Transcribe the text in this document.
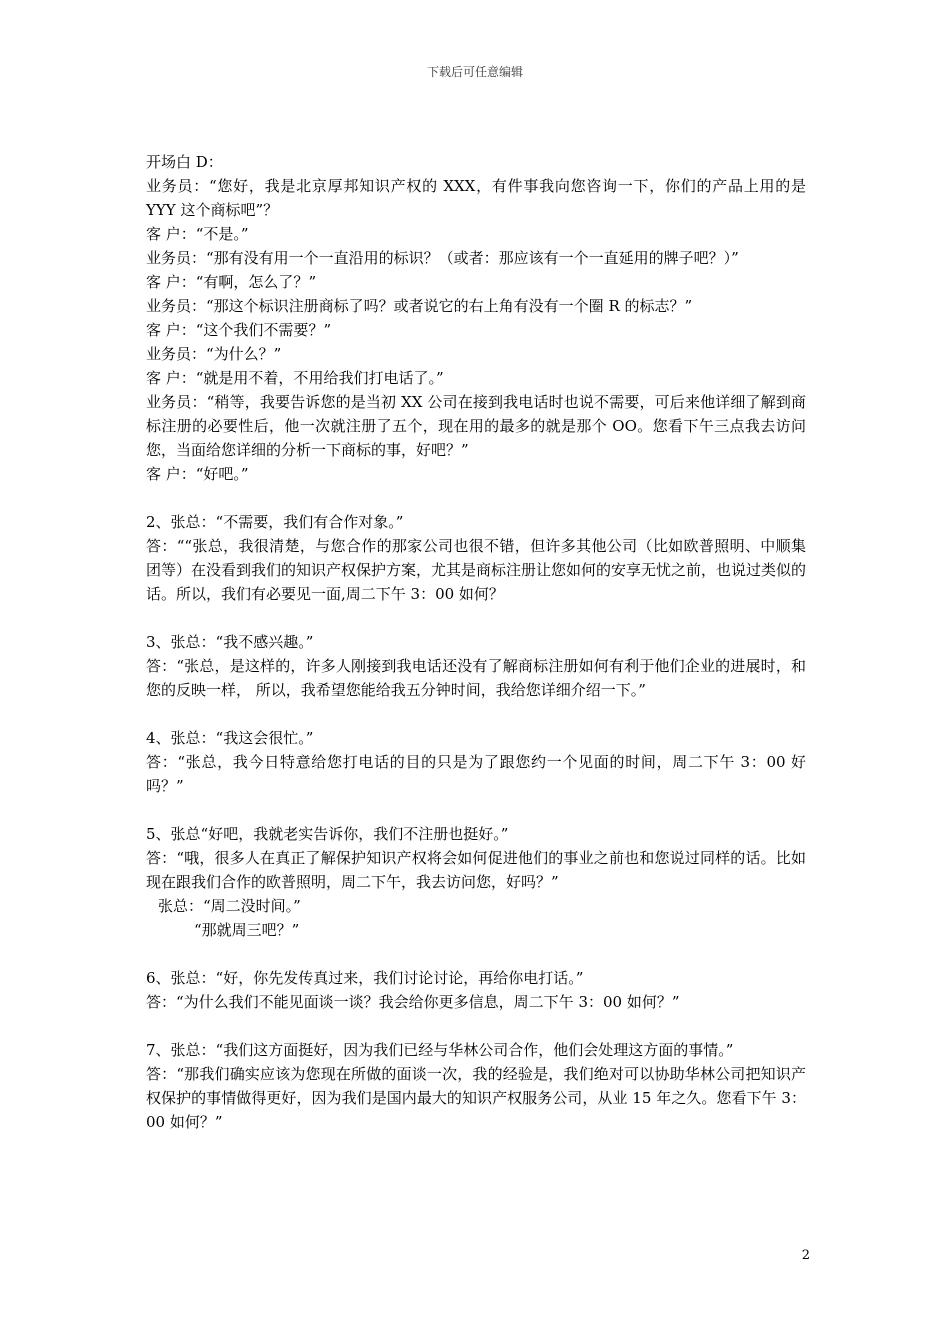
下载后可任意编辑

开场白 D：

业务员：“您好，我是北京厚邦知识产权的 XXX，有件事我向您咨询一下，你们的产品上用的是 YYY 这个商标吧”？

客 户：“不是。”

业务员：“那有没有用一个一直沿用的标识？（或者：那应该有一个一直延用的牌子吧？）”

客 户：“有啊，怎么了？”

业务员：“那这个标识注册商标了吗？或者说它的右上角有没有一个圈 R 的标志？”

客 户：“这个我们不需要？”

业务员：“为什么？”

客 户：“就是用不着，不用给我们打电话了。”

业务员：“稍等，我要告诉您的是当初 XX 公司在接到我电话时也说不需要，可后来他详细了解到商标注册的必要性后，他一次就注册了五个，现在用的最多的就是那个 OO。您看下午三点我去访问您，当面给您详细的分析一下商标的事，好吧？”

客 户：“好吧。”

2、张总：“不需要，我们有合作对象。”

答：““张总，我很清楚，与您合作的那家公司也很不错，但许多其他公司（比如欧普照明、中顺集团等）在没看到我们的知识产权保护方案，尤其是商标注册让您如何的安享无忧之前，也说过类似的话。所以，我们有必要见一面,周二下午 3：00 如何？

3、张总：“我不感兴趣。”

答：“张总，是这样的，许多人刚接到我电话还没有了解商标注册如何有利于他们企业的进展时，和您的反映一样， 所以，我希望您能给我五分钟时间，我给您详细介绍一下。”

4、张总：“我这会很忙。”

答：“张总，我今日特意给您打电话的目的只是为了跟您约一个见面的时间，周二下午 3：00 好吗？”

5、张总“好吧，我就老实告诉你，我们不注册也挺好。”

答：“哦，很多人在真正了解保护知识产权将会如何促进他们的事业之前也和您说过同样的话。比如现在跟我们合作的欧普照明，周二下午，我去访问您，好吗？”

张总：“周二没时间。”

“那就周三吧？”

6、张总：“好，你先发传真过来，我们讨论讨论，再给你电打话。”

答：“为什么我们不能见面谈一谈？我会给你更多信息，周二下午 3：00 如何？”

7、张总：“我们这方面挺好，因为我们已经与华林公司合作，他们会处理这方面的事情。”

答：“那我们确实应该为您现在所做的面谈一次，我的经验是，我们绝对可以协助华林公司把知识产权保护的事情做得更好，因为我们是国内最大的知识产权服务公司，从业 15 年之久。您看下午 3：00 如何？”

2
